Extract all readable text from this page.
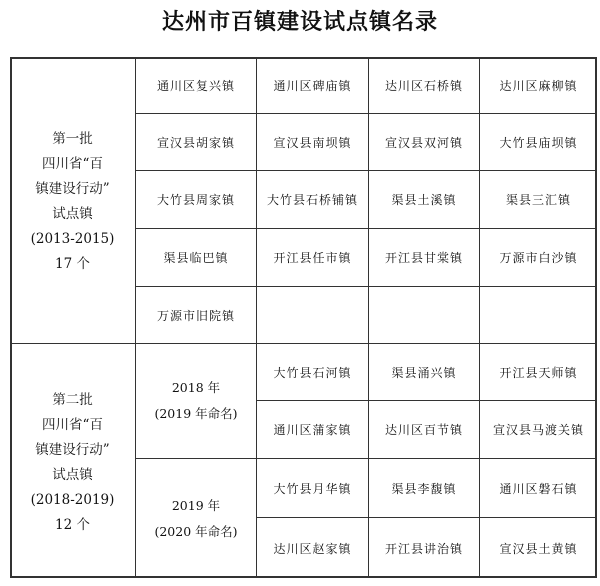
达州市百镇建设试点镇名录
第一批
四川省“百
镇建设行动”
试点镇
(2013-2015)
17 个
通川区复兴镇	通川区碑庙镇	达川区石桥镇	达川区麻柳镇
宣汉县胡家镇	宣汉县南坝镇	宣汉县双河镇	大竹县庙坝镇
大竹县周家镇	大竹县石桥铺镇	渠县土溪镇	渠县三汇镇
渠县临巴镇	开江县任市镇	开江县甘棠镇	万源市白沙镇
万源市旧院镇
第二批
四川省“百
镇建设行动”
试点镇
(2018-2019)
12 个
2018 年
(2019 年命名)
大竹县石河镇	渠县涌兴镇	开江县天师镇
通川区蒲家镇	达川区百节镇	宣汉县马渡关镇
2019 年
(2020 年命名)
大竹县月华镇	渠县李馥镇	通川区磐石镇
达川区赵家镇	开江县讲治镇	宣汉县土黄镇
